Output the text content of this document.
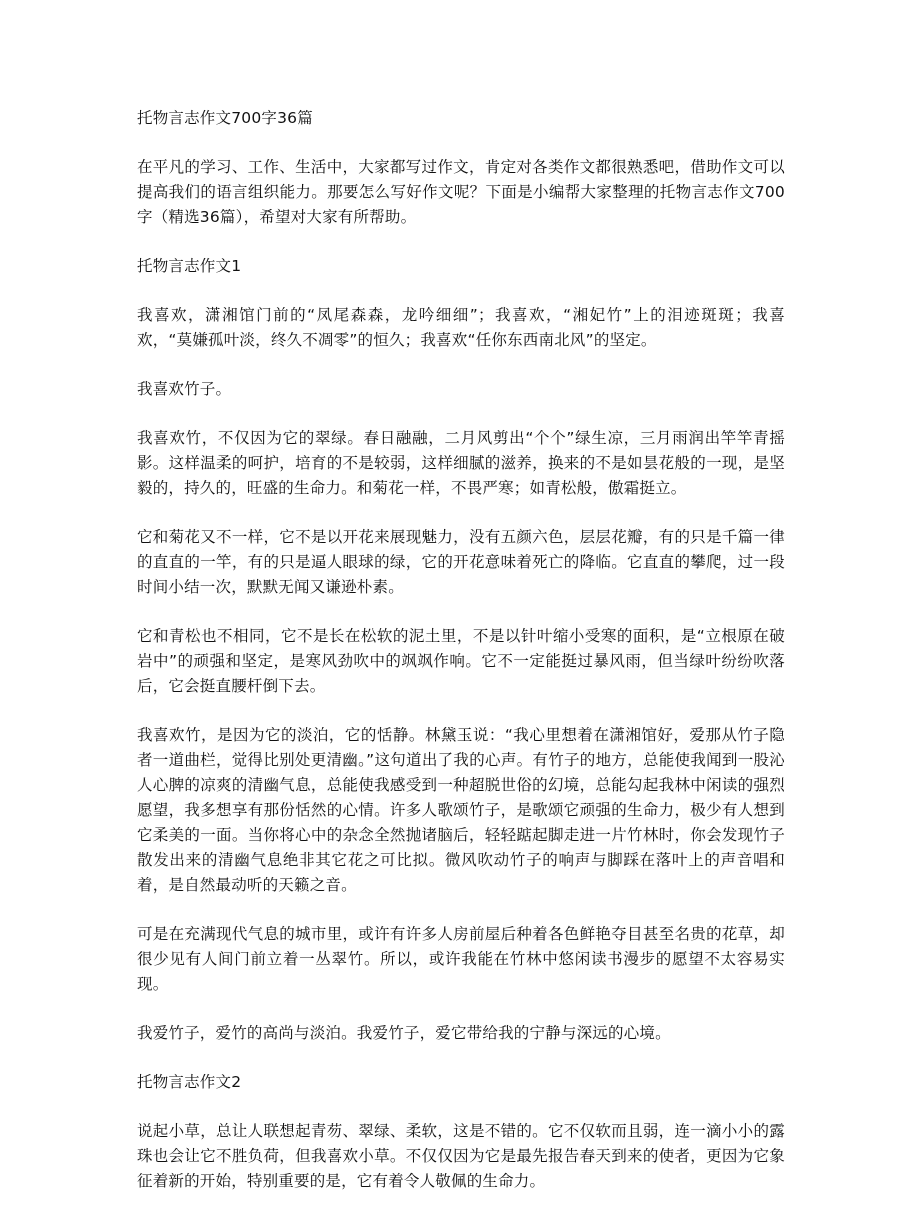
托物言志作文700字36篇

在平凡的学习、工作、生活中，大家都写过作文，肯定对各类作文都很熟悉吧，借助作文可以提高我们的语言组织能力。那要怎么写好作文呢？下面是小编帮大家整理的托物言志作文700字（精选36篇），希望对大家有所帮助。

托物言志作文1

我喜欢，潇湘馆门前的“凤尾森森，龙吟细细”；我喜欢，“湘妃竹”上的泪迹斑斑；我喜欢，“莫嫌孤叶淡，终久不凋零”的恒久；我喜欢“任你东西南北风”的坚定。

我喜欢竹子。

我喜欢竹，不仅因为它的翠绿。春日融融，二月风剪出“个个”绿生凉，三月雨润出竿竿青摇影。这样温柔的呵护，培育的不是较弱，这样细腻的滋养，换来的不是如昙花般的一现，是坚毅的，持久的，旺盛的生命力。和菊花一样，不畏严寒；如青松般，傲霜挺立。

它和菊花又不一样，它不是以开花来展现魅力，没有五颜六色，层层花瓣，有的只是千篇一律的直直的一竿，有的只是逼人眼球的绿，它的开花意味着死亡的降临。它直直的攀爬，过一段时间小结一次，默默无闻又谦逊朴素。

它和青松也不相同，它不是长在松软的泥土里，不是以针叶缩小受寒的面积，是“立根原在破岩中”的顽强和坚定，是寒风劲吹中的飒飒作响。它不一定能挺过暴风雨，但当绿叶纷纷吹落后，它会挺直腰杆倒下去。

我喜欢竹，是因为它的淡泊，它的恬静。林黛玉说：“我心里想着在潇湘馆好，爱那从竹子隐者一道曲栏，觉得比别处更清幽。”这句道出了我的心声。有竹子的地方，总能使我闻到一股沁人心脾的凉爽的清幽气息，总能使我感受到一种超脱世俗的幻境，总能勾起我林中闲读的强烈愿望，我多想享有那份恬然的心情。许多人歌颂竹子，是歌颂它顽强的生命力，极少有人想到它柔美的一面。当你将心中的杂念全然抛诸脑后，轻轻踮起脚走进一片竹林时，你会发现竹子散发出来的清幽气息绝非其它花之可比拟。微风吹动竹子的响声与脚踩在落叶上的声音唱和着，是自然最动听的天籁之音。

可是在充满现代气息的城市里，或许有许多人房前屋后种着各色鲜艳夺目甚至名贵的花草，却很少见有人间门前立着一丛翠竹。所以，或许我能在竹林中悠闲读书漫步的愿望不太容易实现。

我爱竹子，爱竹的高尚与淡泊。我爱竹子，爱它带给我的宁静与深远的心境。

托物言志作文2

说起小草，总让人联想起青芴、翠绿、柔软，这是不错的。它不仅软而且弱，连一滴小小的露珠也会让它不胜负荷，但我喜欢小草。不仅仅因为它是最先报告春天到来的使者，更因为它象征着新的开始，特别重要的是，它有着令人敬佩的生命力。
